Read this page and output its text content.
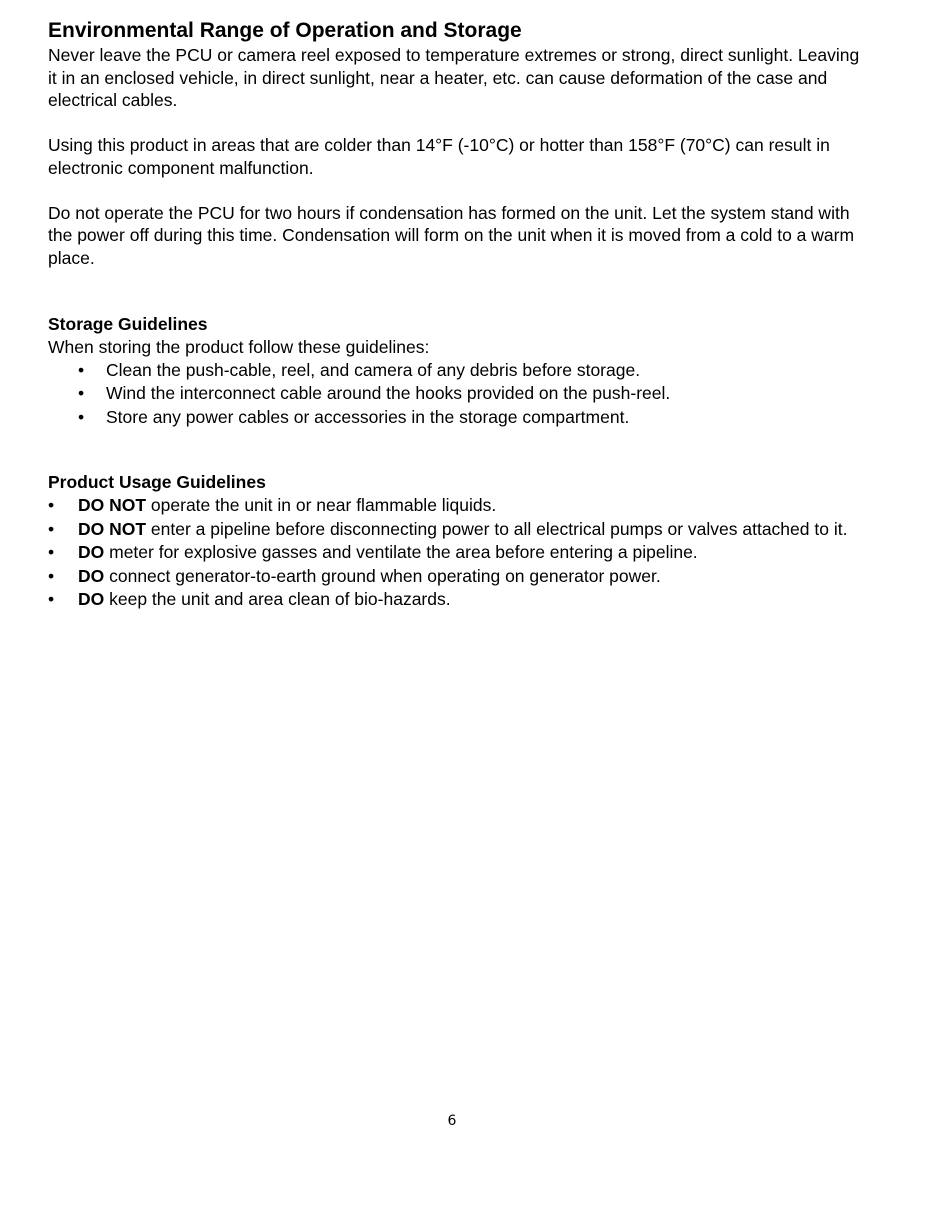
Environmental Range of Operation and Storage

Never leave the PCU or camera reel exposed to temperature extremes or strong, direct sunlight. Leaving it in an enclosed vehicle, in direct sunlight, near a heater, etc. can cause deformation of the case and electrical cables.

Using this product in areas that are colder than 14°F (-10°C) or hotter than 158°F (70°C) can result in electronic component malfunction.

Do not operate the PCU for two hours if condensation has formed on the unit. Let the system stand with the power off during this time. Condensation will form on the unit when it is moved from a cold to a warm place.

Storage Guidelines

When storing the product follow these guidelines:

• Clean the push-cable, reel, and camera of any debris before storage.
• Wind the interconnect cable around the hooks provided on the push-reel.
• Store any power cables or accessories in the storage compartment.
Product Usage Guidelines
• DO NOT operate the unit in or near flammable liquids.
• DO NOT enter a pipeline before disconnecting power to all electrical pumps or valves attached to it.
• DO meter for explosive gasses and ventilate the area before entering a pipeline.
• DO connect generator-to-earth ground when operating on generator power.
• DO keep the unit and area clean of bio-hazards.
6
